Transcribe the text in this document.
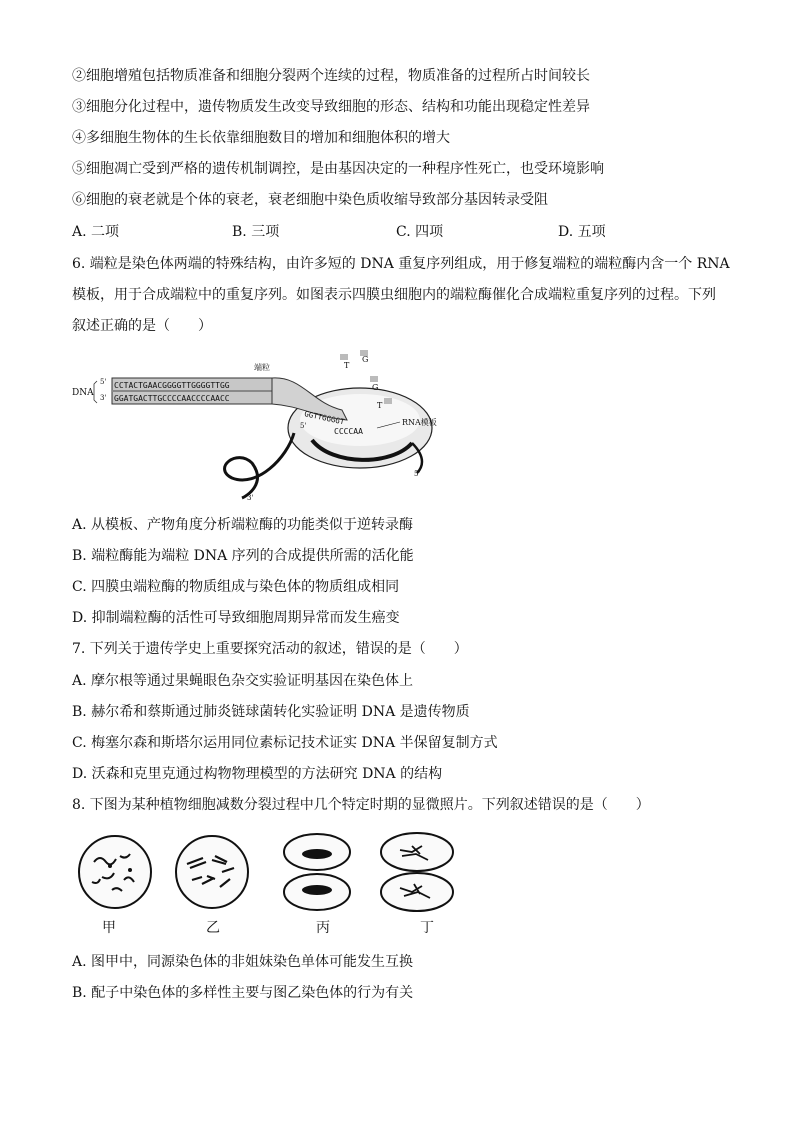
②细胞增殖包括物质准备和细胞分裂两个连续的过程，物质准备的过程所占时间较长
③细胞分化过程中，遗传物质发生改变导致细胞的形态、结构和功能出现稳定性差异
④多细胞生物体的生长依靠细胞数目的增加和细胞体积的增大
⑤细胞凋亡受到严格的遗传机制调控，是由基因决定的一种程序性死亡，也受环境影响
⑥细胞的衰老就是个体的衰老，衰老细胞中染色质收缩导致部分基因转录受阻
A. 二项	B. 三项	C. 四项	D. 五项
6. 端粒是染色体两端的特殊结构，由许多短的 DNA 重复序列组成，用于修复端粒的端粒酶内含一个 RNA
模板，用于合成端粒中的重复序列。如图表示四膜虫细胞内的端粒酶催化合成端粒重复序列的过程。下列
叙述正确的是（　　）
CCTACTGAACGGGGTTGGGGTTGG
GGATGACTTGCCCCAACCCCAACC
GGTTGGGGT
CCCCAA
DNA
5'
3'
端粒
RNA模板
5'
5'
3'
T
G
G
T
A. 从模板、产物角度分析端粒酶的功能类似于逆转录酶
B. 端粒酶能为端粒 DNA 序列的合成提供所需的活化能
C. 四膜虫端粒酶的物质组成与染色体的物质组成相同
D. 抑制端粒酶的活性可导致细胞周期异常而发生癌变
7. 下列关于遗传学史上重要探究活动的叙述，错误的是（　　）
A. 摩尔根等通过果蝇眼色杂交实验证明基因在染色体上
B. 赫尔希和蔡斯通过肺炎链球菌转化实验证明 DNA 是遗传物质
C. 梅塞尔森和斯塔尔运用同位素标记技术证实 DNA 半保留复制方式
D. 沃森和克里克通过构物物理模型的方法研究 DNA 的结构
8. 下图为某种植物细胞减数分裂过程中几个特定时期的显微照片。下列叙述错误的是（　　）
甲	乙	丙	丁
A. 图甲中，同源染色体的非姐妹染色单体可能发生互换
B. 配子中染色体的多样性主要与图乙染色体的行为有关
